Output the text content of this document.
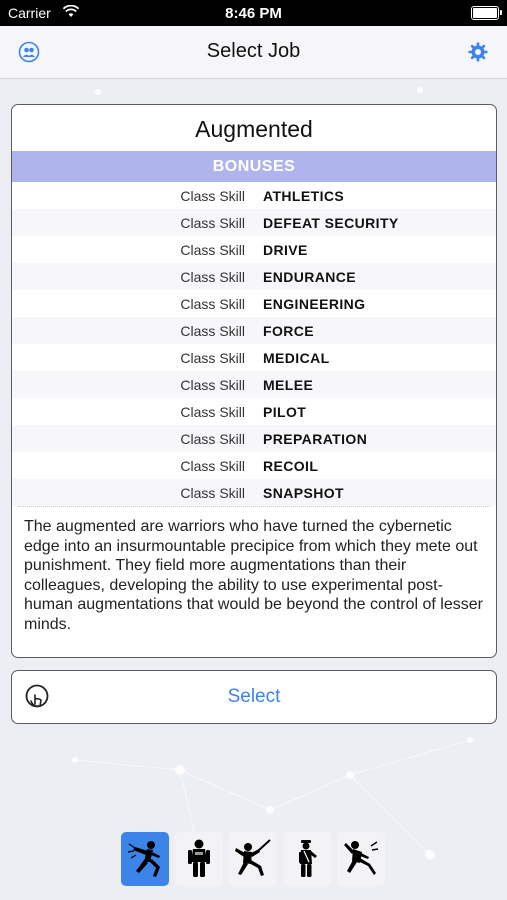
Carrier	8:46 PM
Select Job
Augmented
BONUSES
Class Skill ATHLETICS
Class Skill DEFEAT SECURITY
Class Skill DRIVE
Class Skill ENDURANCE
Class Skill ENGINEERING
Class Skill FORCE
Class Skill MEDICAL
Class Skill MELEE
Class Skill PILOT
Class Skill PREPARATION
Class Skill RECOIL
Class Skill SNAPSHOT
The augmented are warriors who have turned the cybernetic edge into an insurmountable precipice from which they mete out punishment. They field more augmentations than their colleagues, developing the ability to use experimental post-human augmentations that would be beyond the control of lesser minds.
Select
